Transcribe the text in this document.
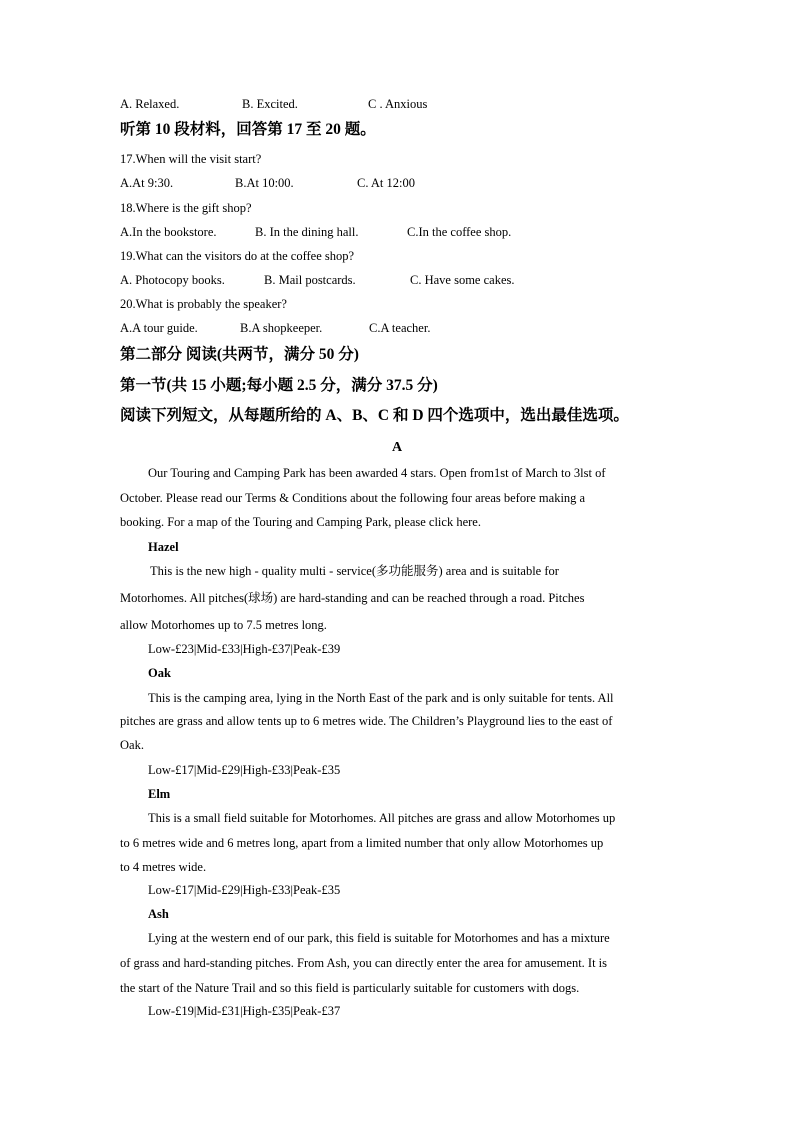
A. Relaxed.	B. Excited.	C . Anxious
听第 10 段材料，回答第 17 至 20 题。
17.When will the visit start?
A.At 9:30.	B.At 10:00.	C. At 12:00
18.Where is the gift shop?
A.In the bookstore.	B. In the dining hall.	C.In the coffee shop.
19.What can the visitors do at the coffee shop?
A. Photocopy books.	B. Mail postcards.	C. Have some cakes.
20.What is probably the speaker?
A.A tour guide.	B.A shopkeeper.	C.A teacher.
第二部分 阅读(共两节，满分 50 分)
第一节(共 15 小题;每小题 2.5 分，满分 37.5 分)
阅读下列短文，从每题所给的 A、B、C 和 D 四个选项中，选出最佳选项。
A
Our Touring and Camping Park has been awarded 4 stars. Open from1st of March to 3lst of
October. Please read our Terms & Conditions about the following four areas before making a
booking. For a map of the Touring and Camping Park, please click here.
Hazel
This is the new high - quality multi - service(多功能服务) area and is suitable for
Motorhomes. All pitches(球场) are hard-standing and can be reached through a road. Pitches
allow Motorhomes up to 7.5 metres long.
Low-£23|Mid-£33|High-£37|Peak-£39
Oak
This is the camping area, lying in the North East of the park and is only suitable for tents. All
pitches are grass and allow tents up to 6 metres wide. The Children’s Playground lies to the east of
Oak.
Low-£17|Mid-£29|High-£33|Peak-£35
Elm
This is a small field suitable for Motorhomes. All pitches are grass and allow Motorhomes up
to 6 metres wide and 6 metres long, apart from a limited number that only allow Motorhomes up
to 4 metres wide.
Low-£17|Mid-£29|High-£33|Peak-£35
Ash
Lying at the western end of our park, this field is suitable for Motorhomes and has a mixture
of grass and hard-standing pitches. From Ash, you can directly enter the area for amusement. It is
the start of the Nature Trail and so this field is particularly suitable for customers with dogs.
Low-£19|Mid-£31|High-£35|Peak-£37
